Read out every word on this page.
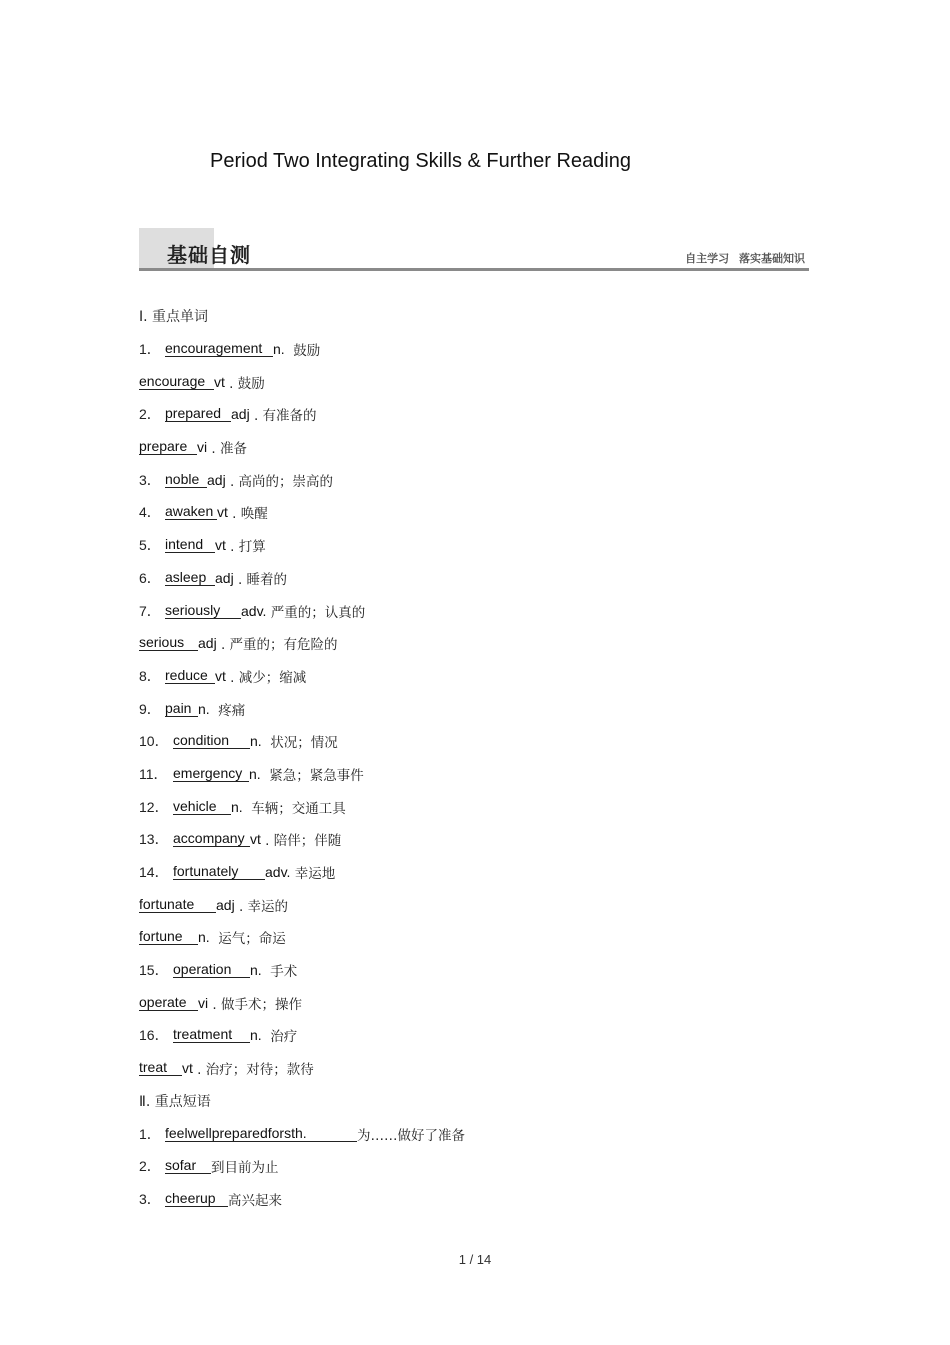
Period Two Integrating Skills & Further Reading
基础自测	自主学习 落实基础知识
Ⅰ. 重点单词
1． encouragement n. 鼓励
encourage vt . 鼓励
2． prepared adj . 有准备的
prepare vi . 准备
3． noble adj . 高尚的；崇高的
4． awaken vt . 唤醒
5． intend vt . 打算
6． asleep adj . 睡着的
7． seriously	adv. 严重的；认真的
serious adj . 严重的；有危险的
8． reduce vt . 减少；缩减
9． pain n. 疼痛
10． condition	n. 状况；情况
11． emergency n. 紧急；紧急事件
12． vehicle	n. 车辆；交通工具
13． accompany vt . 陪伴；伴随
14． fortunately	adv. 幸运地
fortunate	adj . 幸运的
fortune	n. 运气；命运
15． operation	n. 手术
operate vi . 做手术；操作
16． treatment	n. 治疗
treat	vt . 治疗；对待；款待
Ⅱ. 重点短语
1． feelwellpreparedforsth.	为……做好了准备
2． sofar	到目前为止
3． cheerup 高兴起来
1 / 14
